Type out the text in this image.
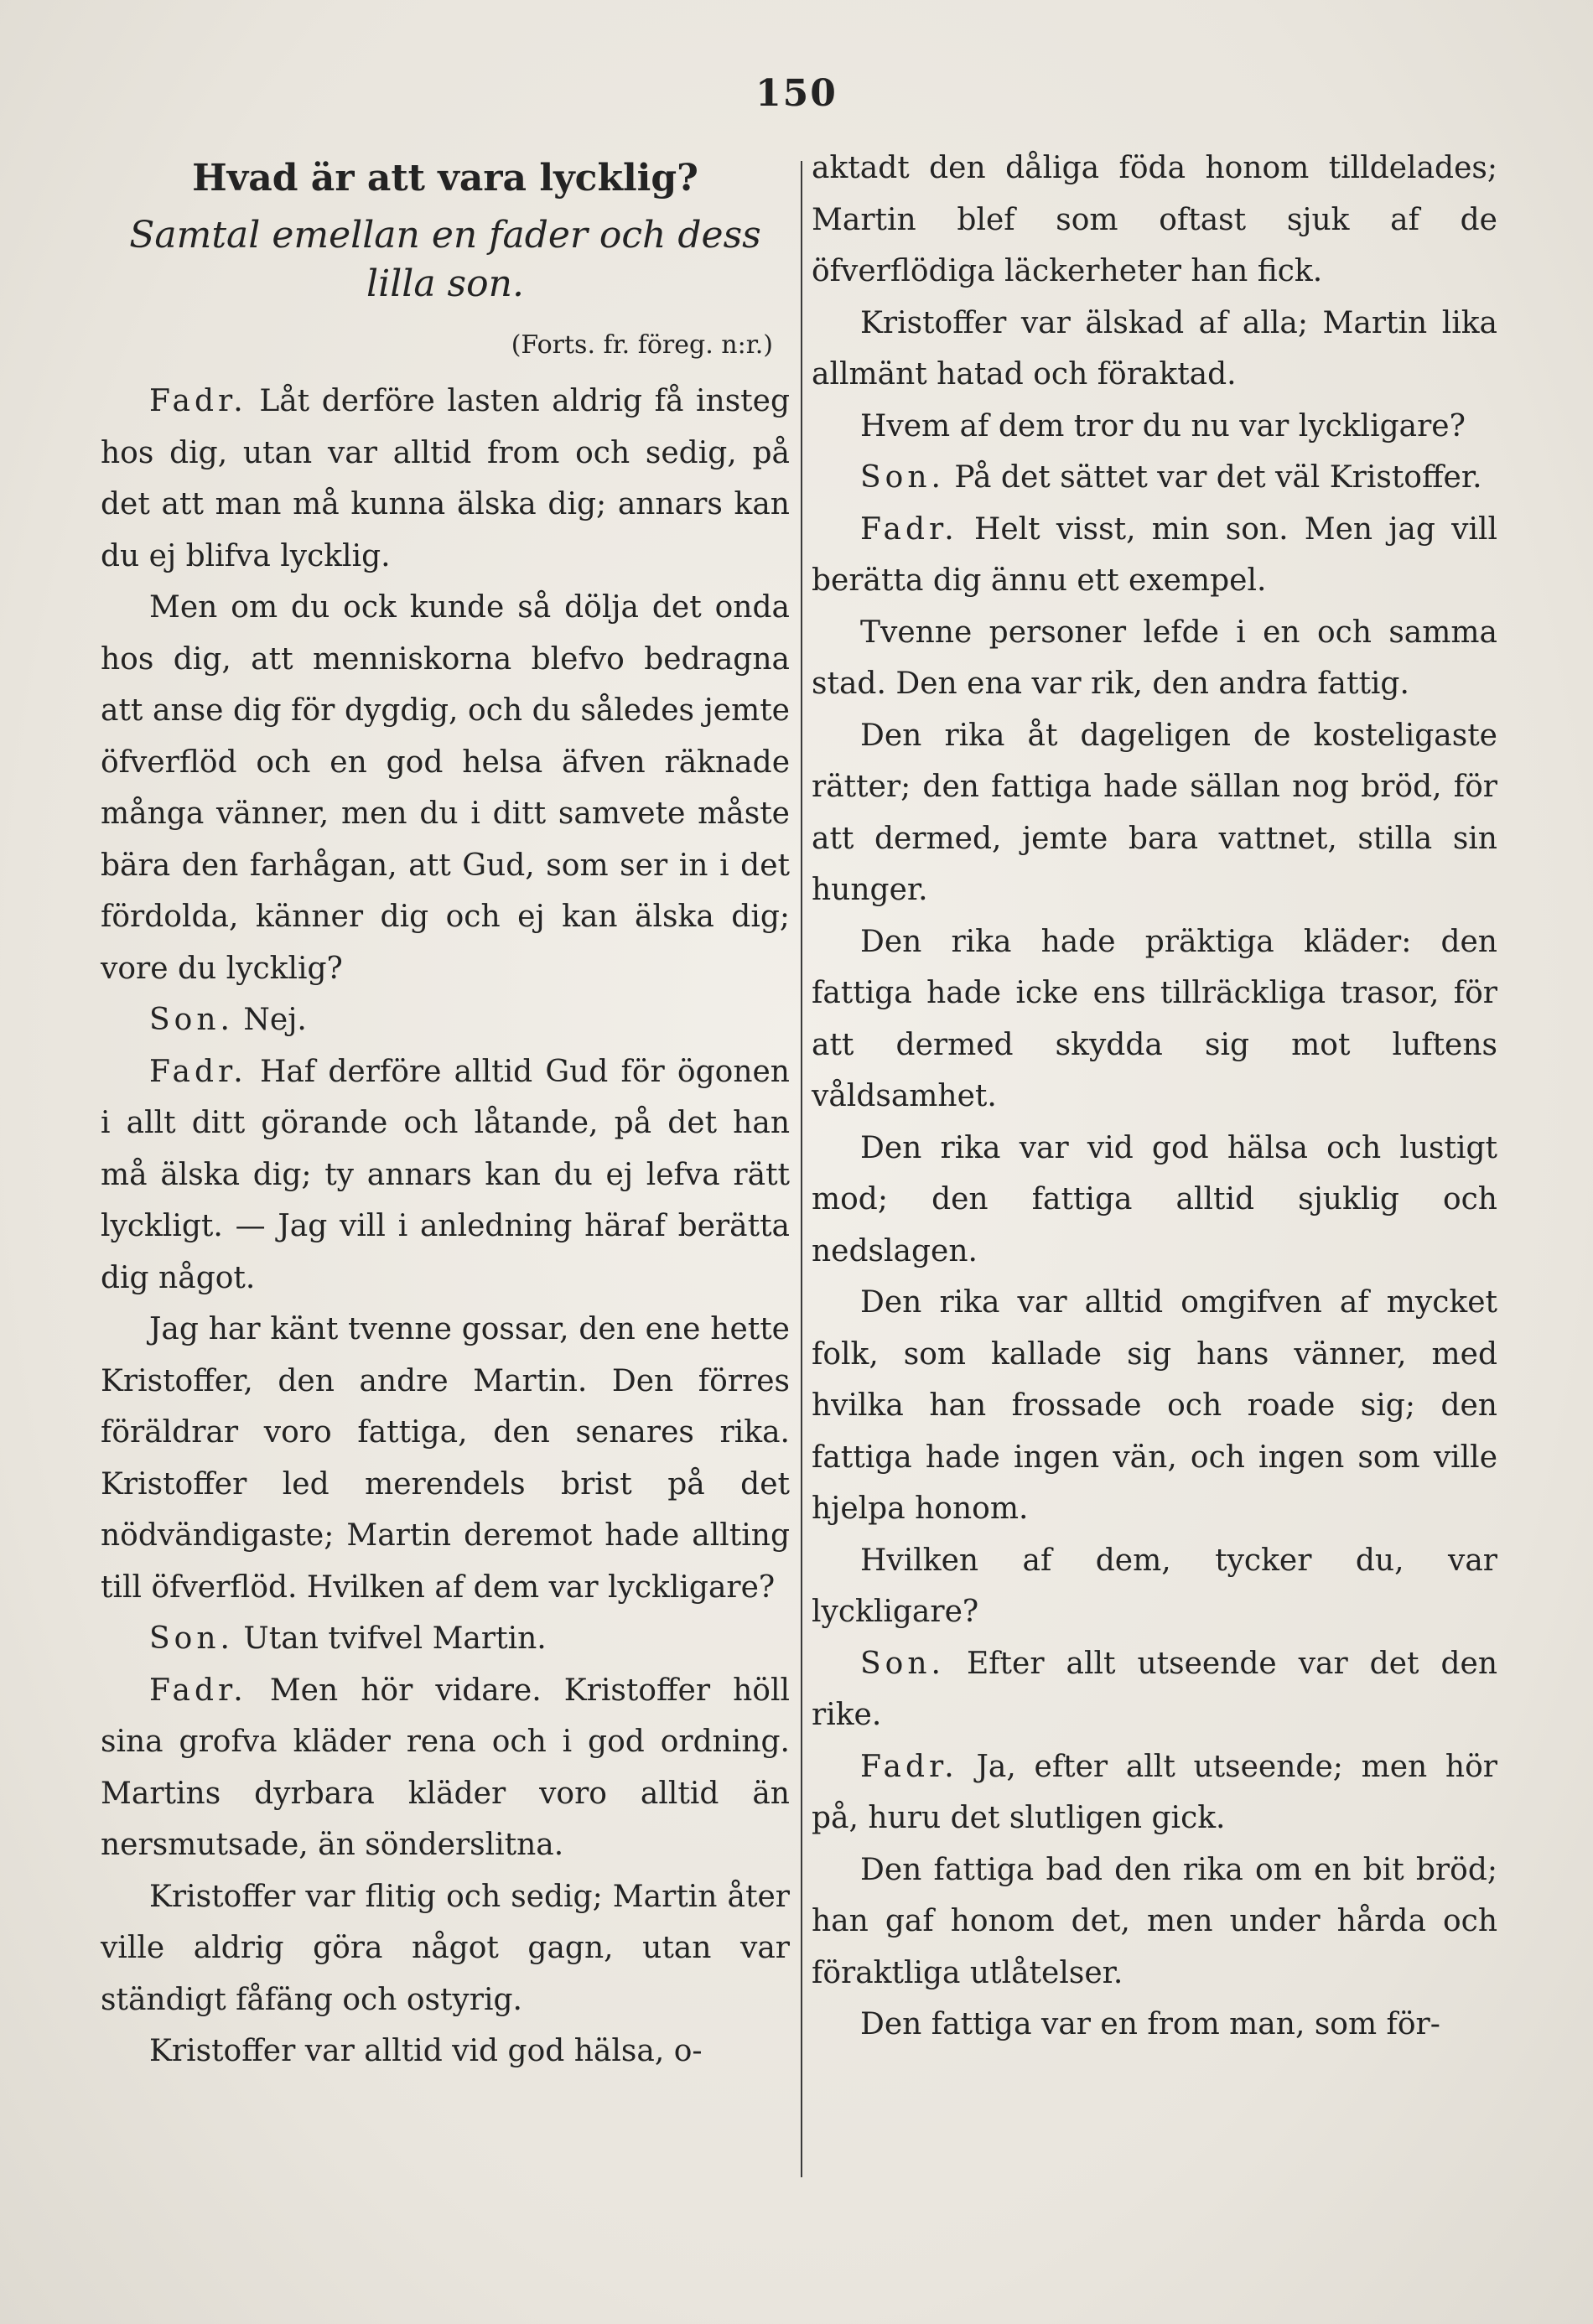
150
Hvad är att vara lycklig?
Samtal emellan en fader och dess lilla son.
(Forts. fr. föreg. n:r.)

Fadr. Låt derföre lasten aldrig få insteg hos dig, utan var alltid from och sedig, på det att man må kunna älska dig; annars kan du ej blifva lycklig.

Men om du ock kunde så dölja det onda hos dig, att menniskorna blefvo bedragna att anse dig för dygdig, och du således jemte öfverflöd och en god helsa äfven räknade många vänner, men du i ditt samvete måste bära den farhågan, att Gud, som ser in i det fördolda, känner dig och ej kan älska dig; vore du lycklig?

Son. Nej.

Fadr. Haf derföre alltid Gud för ögonen i allt ditt görande och låtande, på det han må älska dig; ty annars kan du ej lefva rätt lyckligt. — Jag vill i anledning häraf berätta dig något.

Jag har känt tvenne gossar, den ene hette Kristoffer, den andre Martin. Den förres föräldrar voro fattiga, den senares rika. Kristoffer led merendels brist på det nödvändigaste; Martin deremot hade allting till öfverflöd. Hvilken af dem var lyckligare?

Son. Utan tvifvel Martin.

Fadr. Men hör vidare. Kristoffer höll sina grofva kläder rena och i god ordning. Martins dyrbara kläder voro alltid än nersmutsade, än sönderslitna.

Kristoffer var flitig och sedig; Martin åter ville aldrig göra något gagn, utan var ständigt fåfäng och ostyrig.

Kristoffer var alltid vid god hälsa, o-

aktadt den dåliga föda honom tilldelades; Martin blef som oftast sjuk af de öfverflödiga läckerheter han fick.

Kristoffer var älskad af alla; Martin lika allmänt hatad och föraktad.

Hvem af dem tror du nu var lyckligare?

Son. På det sättet var det väl Kristoffer.

Fadr. Helt visst, min son. Men jag vill berätta dig ännu ett exempel.

Tvenne personer lefde i en och samma stad. Den ena var rik, den andra fattig.

Den rika åt dageligen de kosteligaste rätter; den fattiga hade sällan nog bröd, för att dermed, jemte bara vattnet, stilla sin hunger.

Den rika hade präktiga kläder: den fattiga hade icke ens tillräckliga trasor, för att dermed skydda sig mot luftens våldsamhet.

Den rika var vid god hälsa och lustigt mod; den fattiga alltid sjuklig och nedslagen.

Den rika var alltid omgifven af mycket folk, som kallade sig hans vänner, med hvilka han frossade och roade sig; den fattiga hade ingen vän, och ingen som ville hjelpa honom.

Hvilken af dem, tycker du, var lyckligare?

Son. Efter allt utseende var det den rike.

Fadr. Ja, efter allt utseende; men hör på, huru det slutligen gick.

Den fattiga bad den rika om en bit bröd; han gaf honom det, men under hårda och föraktliga utlåtelser.

Den fattiga var en from man, som för-
